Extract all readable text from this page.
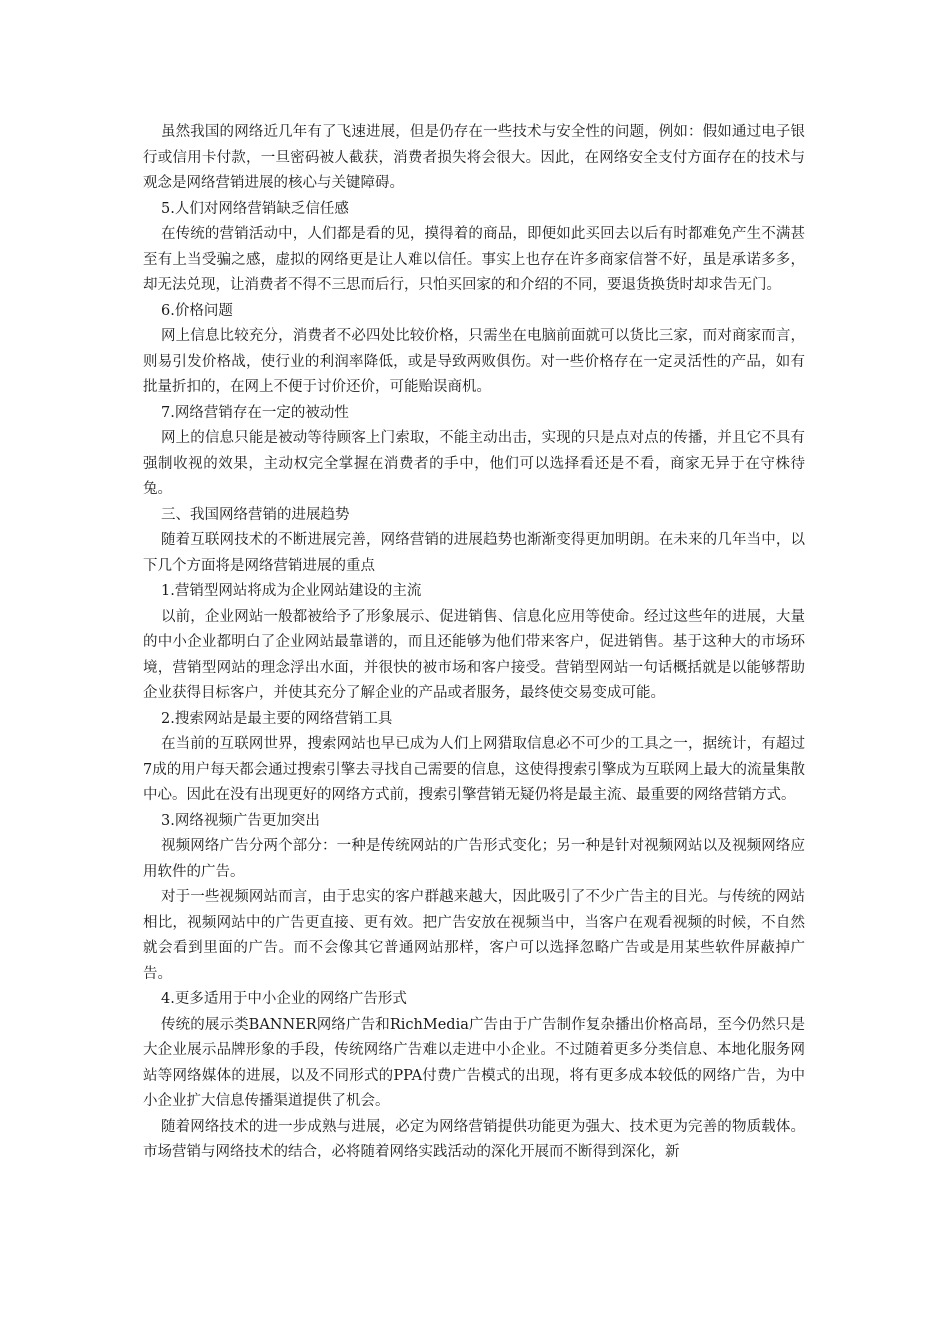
虽然我国的网络近几年有了飞速进展，但是仍存在一些技术与安全性的问题，例如：假如通过电子银行或信用卡付款，一旦密码被人截获，消费者损失将会很大。因此，在网络安全支付方面存在的技术与观念是网络营销进展的核心与关键障碍。

5.人们对网络营销缺乏信任感

在传统的营销活动中，人们都是看的见，摸得着的商品，即便如此买回去以后有时都难免产生不满甚至有上当受骗之感，虚拟的网络更是让人难以信任。事实上也存在许多商家信誉不好，虽是承诺多多，却无法兑现，让消费者不得不三思而后行，只怕买回家的和介绍的不同，要退货换货时却求告无门。

6.价格问题

网上信息比较充分，消费者不必四处比较价格，只需坐在电脑前面就可以货比三家，而对商家而言，则易引发价格战，使行业的利润率降低，或是导致两败俱伤。对一些价格存在一定灵活性的产品，如有批量折扣的，在网上不便于讨价还价，可能贻误商机。

7.网络营销存在一定的被动性

网上的信息只能是被动等待顾客上门索取，不能主动出击，实现的只是点对点的传播，并且它不具有强制收视的效果，主动权完全掌握在消费者的手中，他们可以选择看还是不看，商家无异于在守株待兔。

三、我国网络营销的进展趋势

随着互联网技术的不断进展完善，网络营销的进展趋势也渐渐变得更加明朗。在未来的几年当中，以下几个方面将是网络营销进展的重点

1.营销型网站将成为企业网站建设的主流

以前，企业网站一般都被给予了形象展示、促进销售、信息化应用等使命。经过这些年的进展，大量的中小企业都明白了企业网站最靠谱的，而且还能够为他们带来客户，促进销售。基于这种大的市场环境，营销型网站的理念浮出水面，并很快的被市场和客户接受。营销型网站一句话概括就是以能够帮助企业获得目标客户，并使其充分了解企业的产品或者服务，最终使交易变成可能。

2.搜索网站是最主要的网络营销工具

在当前的互联网世界，搜索网站也早已成为人们上网猎取信息必不可少的工具之一，据统计，有超过7成的用户每天都会通过搜索引擎去寻找自己需要的信息，这使得搜索引擎成为互联网上最大的流量集散中心。因此在没有出现更好的网络方式前，搜索引擎营销无疑仍将是最主流、最重要的网络营销方式。

3.网络视频广告更加突出

视频网络广告分两个部分：一种是传统网站的广告形式变化；另一种是针对视频网站以及视频网络应用软件的广告。

对于一些视频网站而言，由于忠实的客户群越来越大，因此吸引了不少广告主的目光。与传统的网站相比，视频网站中的广告更直接、更有效。把广告安放在视频当中，当客户在观看视频的时候，不自然就会看到里面的广告。而不会像其它普通网站那样，客户可以选择忽略广告或是用某些软件屏蔽掉广告。

4.更多适用于中小企业的网络广告形式

传统的展示类BANNER网络广告和RichMedia广告由于广告制作复杂播出价格高昂，至今仍然只是大企业展示品牌形象的手段，传统网络广告难以走进中小企业。不过随着更多分类信息、本地化服务网站等网络媒体的进展，以及不同形式的PPA付费广告模式的出现，将有更多成本较低的网络广告，为中小企业扩大信息传播渠道提供了机会。

随着网络技术的进一步成熟与进展，必定为网络营销提供功能更为强大、技术更为完善的物质载体。市场营销与网络技术的结合，必将随着网络实践活动的深化开展而不断得到深化，新
